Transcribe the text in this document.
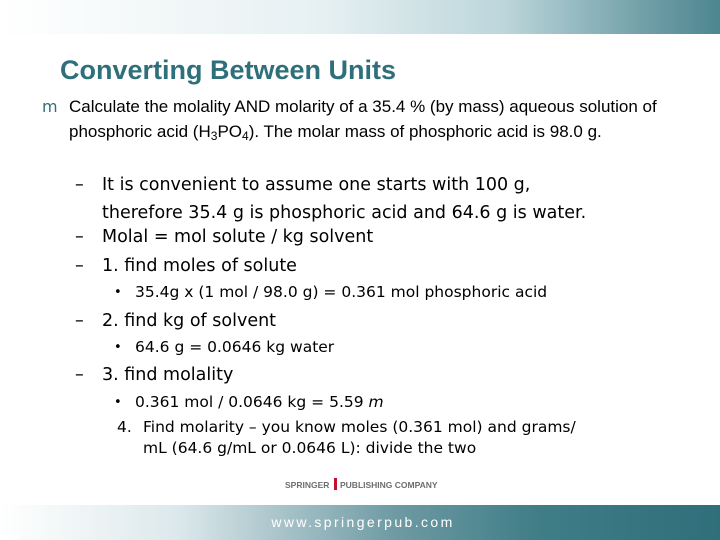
Converting Between Units
m Calculate the molality AND molarity of a 35.4 % (by mass) aqueous solution of phosphoric acid $(H_3PO_4)$. The molar mass of phosphoric acid is 98.0 g.
– It is convenient to assume one starts with 100 g,
therefore 35.4 g is phosphoric acid and 64.6 g is water.
– Molal = mol solute / kg solvent
– 1. find moles of solute
• 35.4g x (1 mol / 98.0 g) = 0.361 mol phosphoric acid
– 2. find kg of solvent
• 64.6 g = 0.0646 kg water
– 3. find molality
• 0.361 mol / 0.0646 kg = 5.59 m
4. Find molarity – you know moles (0.361 mol) and grams/
mL (64.6 g/mL or 0.0646 L): divide the two
SPRINGER PUBLISHING COMPANY
www.springerpub.com
